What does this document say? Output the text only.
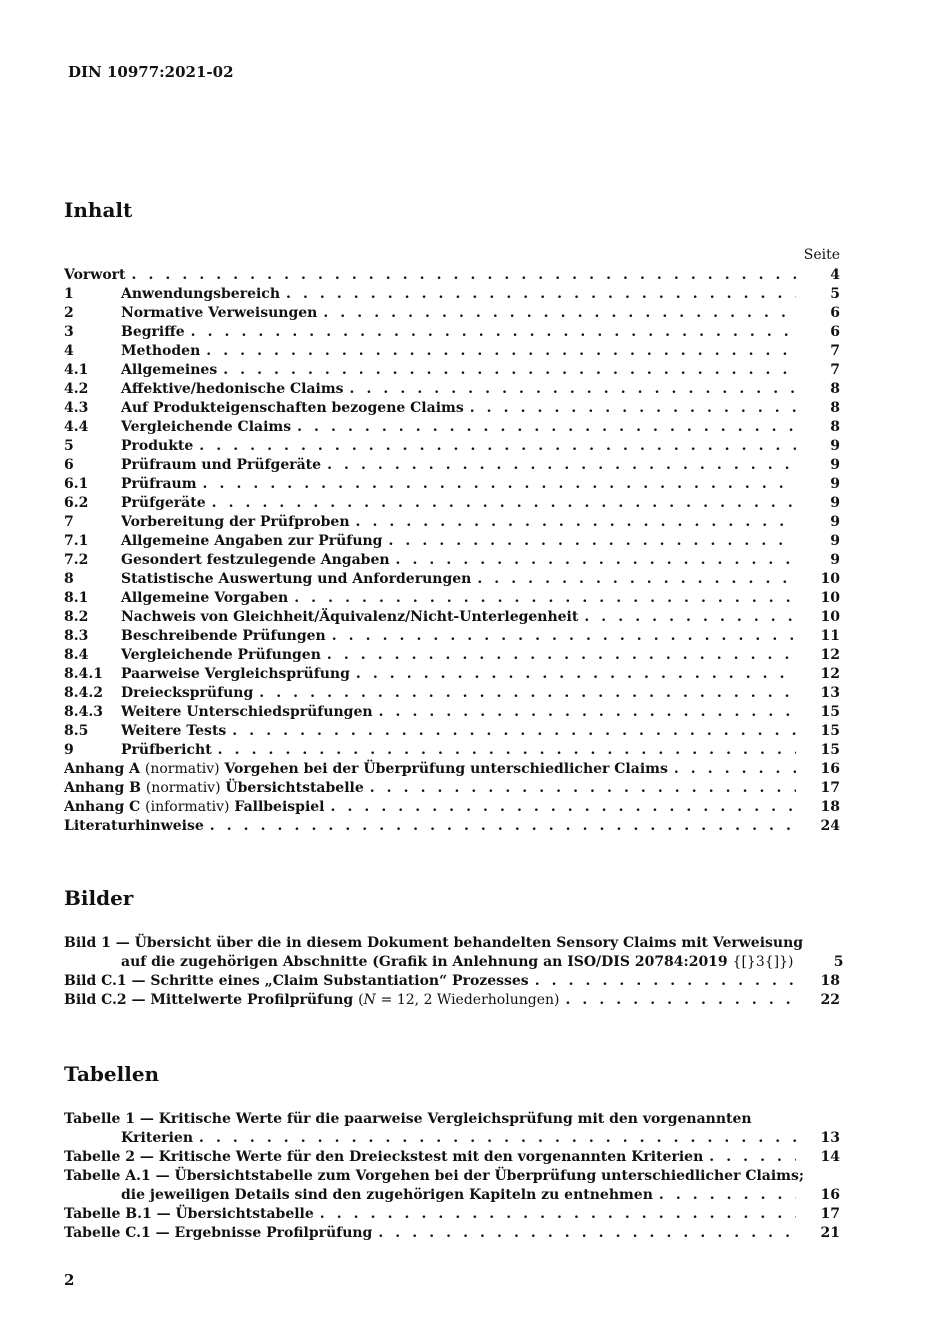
DIN 10977:2021-02
Inhalt
Seite
Vorwort . . .	4
1	Anwendungsbereich . . .	5
2	Normative Verweisungen . . .	6
3	Begriffe . . .	6
4	Methoden . . .	7
4.1	Allgemeines . . .	7
4.2	Affektive/hedonische Claims . . .	8
4.3	Auf Produkteigenschaften bezogene Claims . . .	8
4.4	Vergleichende Claims . . .	8
5	Produkte . . .	9
6	Prüfraum und Prüfgeräte . . .	9
6.1	Prüfraum . . .	9
6.2	Prüfgeräte . . .	9
7	Vorbereitung der Prüfproben . . .	9
7.1	Allgemeine Angaben zur Prüfung . . .	9
7.2	Gesondert festzulegende Angaben . . .	9
8	Statistische Auswertung und Anforderungen . . .	10
8.1	Allgemeine Vorgaben . . .	10
8.2	Nachweis von Gleichheit/Äquivalenz/Nicht-Unterlegenheit . . .	10
8.3	Beschreibende Prüfungen . . .	11
8.4	Vergleichende Prüfungen . . .	12
8.4.1	Paarweise Vergleichsprüfung . . .	12
8.4.2	Dreiecksprüfung . . .	13
8.4.3	Weitere Unterschiedsprüfungen . . .	15
8.5	Weitere Tests . . .	15
9	Prüfbericht . . .	15
Anhang A (normativ) Vorgehen bei der Überprüfung unterschiedlicher Claims . . .	16
Anhang B (normativ) Übersichtstabelle . . .	17
Anhang C (informativ) Fallbeispiel . . .	18
Literaturhinweise . . .	24
Bilder
Bild 1 — Übersicht über die in diesem Dokument behandelten Sensory Claims mit Verweisung
auf die zugehörigen Abschnitte (Grafik in Anlehnung an ISO/DIS 20784:2019 {[}3{]})	5
Bild C.1 — Schritte eines „Claim Substantiation“ Prozesses . . .	18
Bild C.2 — Mittelwerte Profilprüfung (N = 12, 2 Wiederholungen) . . .	22
Tabellen
Tabelle 1 — Kritische Werte für die paarweise Vergleichsprüfung mit den vorgenannten
Kriterien . . .	13
Tabelle 2 — Kritische Werte für den Dreieckstest mit den vorgenannten Kriterien . . .	14
Tabelle A.1 — Übersichtstabelle zum Vorgehen bei der Überprüfung unterschiedlicher Claims;
die jeweiligen Details sind den zugehörigen Kapiteln zu entnehmen . . .	16
Tabelle B.1 — Übersichtstabelle . . .	17
Tabelle C.1 — Ergebnisse Profilprüfung . . .	21
2
